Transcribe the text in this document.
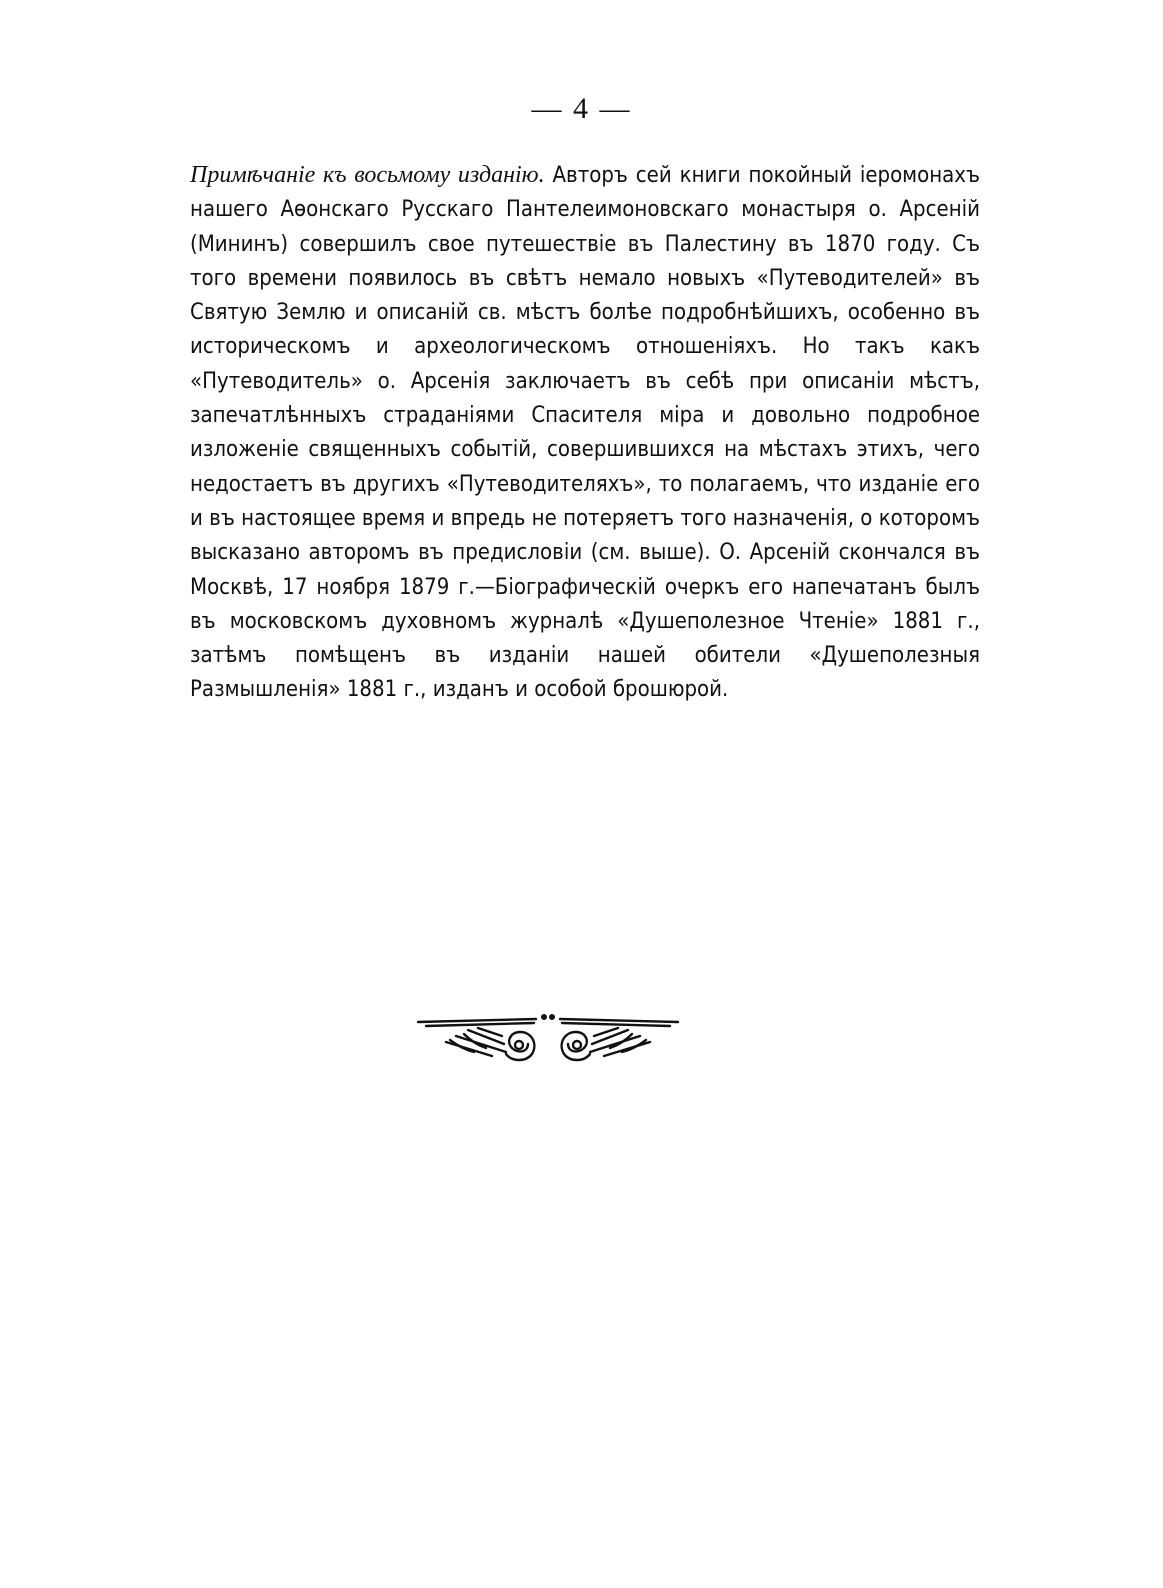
— 4 —

Примѣчаніе къ восьмому изданію. Авторъ сей книги покойный іеромонахъ нашего Аѳонскаго Русскаго Пантелеимоновскаго монастыря о. Арсеній (Мининъ) совершилъ свое путешествіе въ Палестину въ 1870 году. Съ того времени появилось въ свѣтъ немало новыхъ «Путеводителей» въ Святую Землю и описаній св. мѣстъ болѣе подробнѣйшихъ, особенно въ историческомъ и археологическомъ отношеніяхъ. Но такъ какъ «Путеводитель» о. Арсенія заключаетъ въ себѣ при описаніи мѣстъ, запечатлѣнныхъ страданіями Спасителя міра и довольно подробное изложеніе священныхъ событій, совершившихся на мѣстахъ этихъ, чего недостаетъ въ другихъ «Путеводителяхъ», то полагаемъ, что изданіе его и въ настоящее время и впредь не потеряетъ того назначенія, о которомъ высказано авторомъ въ предисловіи (см. выше). О. Арсеній скончался въ Москвѣ, 17 ноября 1879 г.—Біографическій очеркъ его напечатанъ былъ въ московскомъ духовномъ журналѣ «Душеполезное Чтеніе» 1881 г., затѣмъ помѣщенъ въ изданіи нашей обители «Душеполезныя Размышленія» 1881 г., изданъ и особой брошюрой.
